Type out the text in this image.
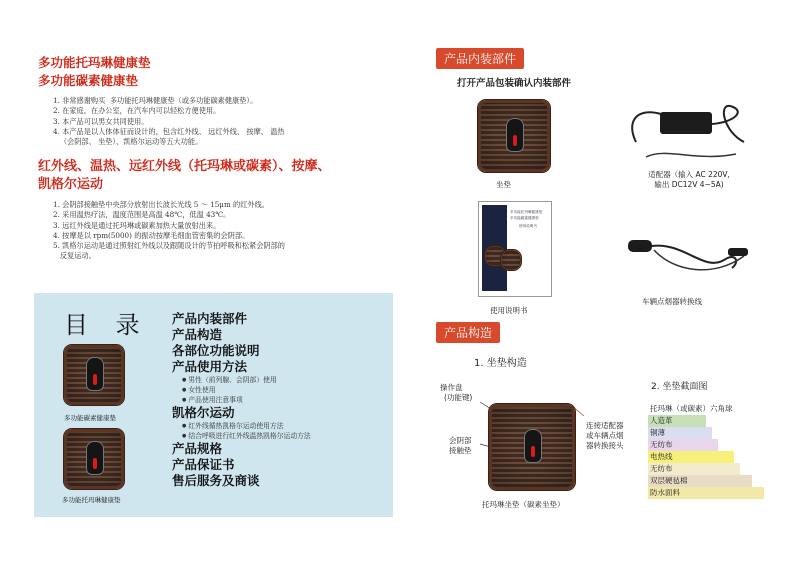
多功能托玛琳健康垫
多功能碳素健康垫
1. 非常感谢购买  多功能托玛琳健康垫（或多功能碳素健康垫）。
2. 在家庭，在办公室，在汽车内可以轻松方便使用。
3. 本产品可以男女共同使用。
4. 本产品是以人体体征而设计的，包含红外线、 远红外线、 按摩、 温热
（会阴部、 坐垫）、凯格尔运动等五大功能。
红外线、温热、远红外线（托玛琳或碳素）、按摩、
凯格尔运动
1. 会阴部接触垫中央部分放射出长波长光线 5 ～ 15μm 的红外线。
2. 采用温热疗法，温度范围是高温 48℃，低温 43℃。
3. 远红外线是通过托玛琳或碳素加热大量放射出来。
4. 按摩是以 rpm(5000) 的振动按摩毛细血管密集的会阴部。
5. 凯格尔运动是通过照射红外线以及跟随设计的节拍呼吸和松紧会阴部的
反复运动。
目 录
多功能碳素健康垫
多功能托玛琳健康垫
产品内装部件
产品构造
各部位功能说明
产品使用方法
● 男性（前列腺、会阴部）使用
● 女性使用
● 产品使用注意事项
凯格尔运动
● 红外线循热凯格尔运动使用方法
● 结合呼吸进行红外线温热凯格尔运动方法
产品规格
产品保证书
售后服务及商谈
产品内装部件
打开产品包装确认内装部件
坐垫
适配器（输入 AC 220V,
输出 DC12V 4~5A)
多功能托玛琳健康垫
多功能碳素健康垫
使用说明书
使用说明书
车辆点烟器转换线
产品构造
1. 坐垫构造
操作盘
(功能键)
会阴部
接触垫
连接适配器
或车辆点烟
器转换接头
托玛琳坐垫（碳素坐垫）
2. 坐垫截面图
托玛琳（或碳素）六角球
人造革
铜薄
无纺布
电热线
无纺布
双层硬毡棉
防水面料
